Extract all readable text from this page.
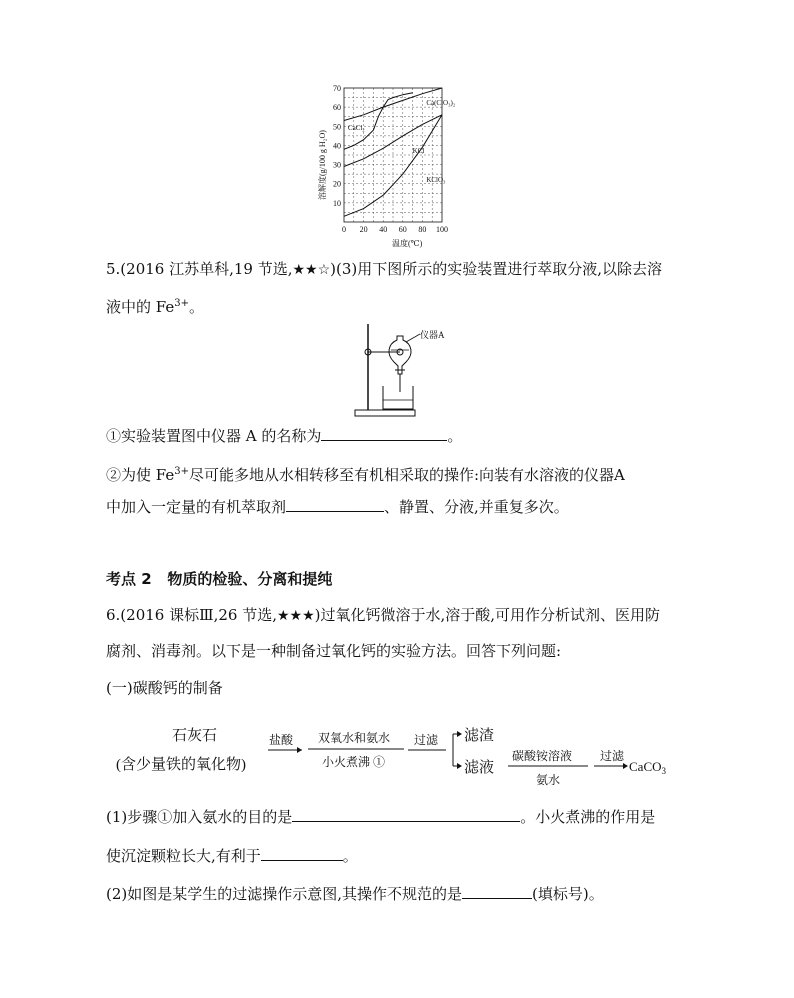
Ca(ClO₃)₂
CaCl₂
KCl
KClO₃
0 20 40 60 80 100
10
20
30
40
50
60
70
溶解度(g/100 g H₂O)
温度(℃)
5.(2016 江苏单科,19 节选,★★☆)(3)用下图所示的实验装置进行萃取分液,以除去溶
液中的 $Fe^{3+}$。
仪器A
①实验装置图中仪器 A 的名称为	。
②为使 $Fe^{3+}$尽可能多地从水相转移至有机相采取的操作:向装有水溶液的仪器A
中加入一定量的有机萃取剂	、静置、分液,并重复多次。
考点 2 物质的检验、分离和提纯
6.(2016 课标Ⅲ,26 节选,★★★)过氧化钙微溶于水,溶于酸,可用作分析试剂、医用防
腐剂、消毒剂。以下是一种制备过氧化钙的实验方法。回答下列问题:
(一)碳酸钙的制备
石灰石
(含少量铁的氧化物)
盐酸 双氧水和氨水
小火煮沸 ①
过滤 滤渣
滤液
碳酸铵溶液
氨水
过滤
CaCO$_3$
(1)步骤①加入氨水的目的是	。小火煮沸的作用是
使沉淀颗粒长大,有利于	。
(2)如图是某学生的过滤操作示意图,其操作不规范的是	(填标号)。
